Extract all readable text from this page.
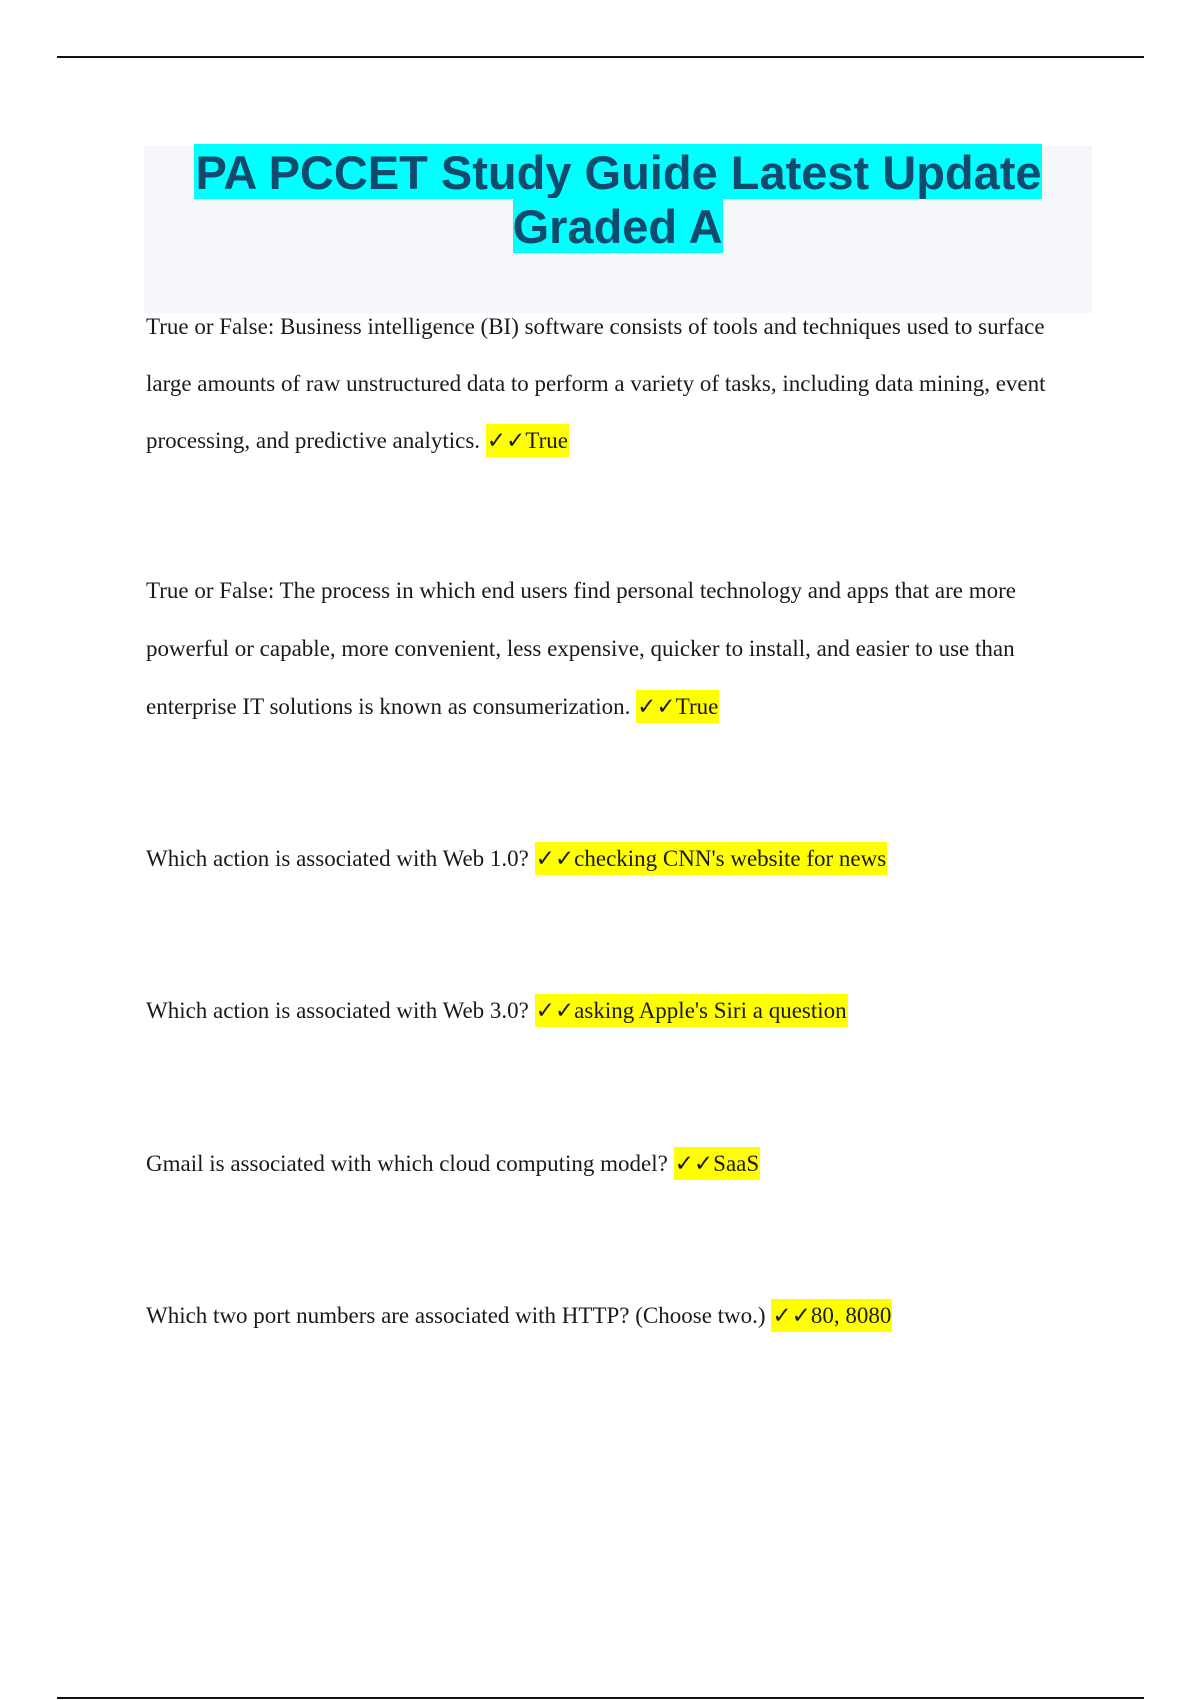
PA PCCET Study Guide Latest Update Graded A

True or False: Business intelligence (BI) software consists of tools and techniques used to surface large amounts of raw unstructured data to perform a variety of tasks, including data mining, event processing, and predictive analytics. ✓✓True

True or False: The process in which end users find personal technology and apps that are more powerful or capable, more convenient, less expensive, quicker to install, and easier to use than enterprise IT solutions is known as consumerization. ✓✓True

Which action is associated with Web 1.0? ✓✓checking CNN's website for news

Which action is associated with Web 3.0? ✓✓asking Apple's Siri a question

Gmail is associated with which cloud computing model? ✓✓SaaS

Which two port numbers are associated with HTTP? (Choose two.) ✓✓80, 8080
